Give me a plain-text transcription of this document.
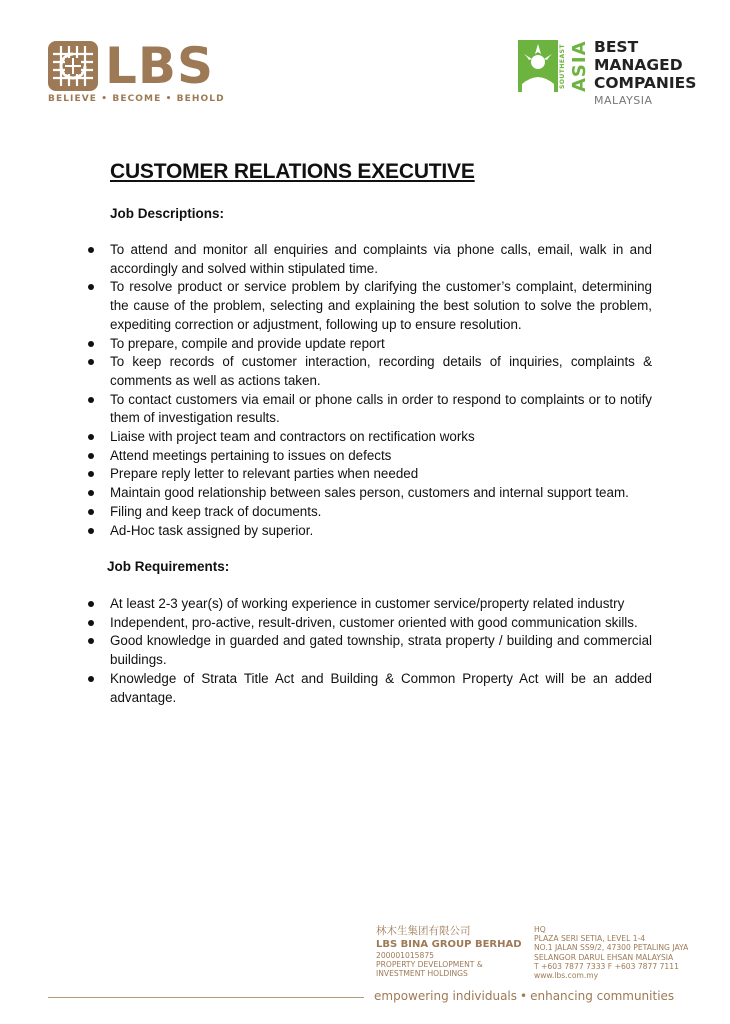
LBS
BELIEVE • BECOME • BEHOLD
SOUTHEAST ASIA BEST
MANAGED
COMPANIES
MALAYSIA
CUSTOMER RELATIONS EXECUTIVE
Job Descriptions:
To attend and monitor all enquiries and complaints via phone calls, email, walk in and accordingly and solved within stipulated time.
To resolve product or service problem by clarifying the customer’s complaint, determining the cause of the problem, selecting and explaining the best solution to solve the problem, expediting correction or adjustment, following up to ensure resolution.
To prepare, compile and provide update report
To keep records of customer interaction, recording details of inquiries, complaints & comments as well as actions taken.
To contact customers via email or phone calls in order to respond to complaints or to notify them of investigation results.
Liaise with project team and contractors on rectification works
Attend meetings pertaining to issues on defects
Prepare reply letter to relevant parties when needed
Maintain good relationship between sales person, customers and internal support team.
Filing and keep track of documents.
Ad-Hoc task assigned by superior.
Job Requirements:
At least 2-3 year(s) of working experience in customer service/property related industry
Independent, pro-active, result-driven, customer oriented with good communication skills.
Good knowledge in guarded and gated township, strata property / building and commercial buildings.
Knowledge of Strata Title Act and Building & Common Property Act will be an added advantage.
林木生集团有限公司
LBS BINA GROUP BERHAD
200001015875
PROPERTY DEVELOPMENT &
INVESTMENT HOLDINGS
HQ
PLAZA SERI SETIA, LEVEL 1-4
NO.1 JALAN SS9/2, 47300 PETALING JAYA
SELANGOR DARUL EHSAN MALAYSIA
T +603 7877 7333 F +603 7877 7111
www.lbs.com.my
empowering individuals • enhancing communities
